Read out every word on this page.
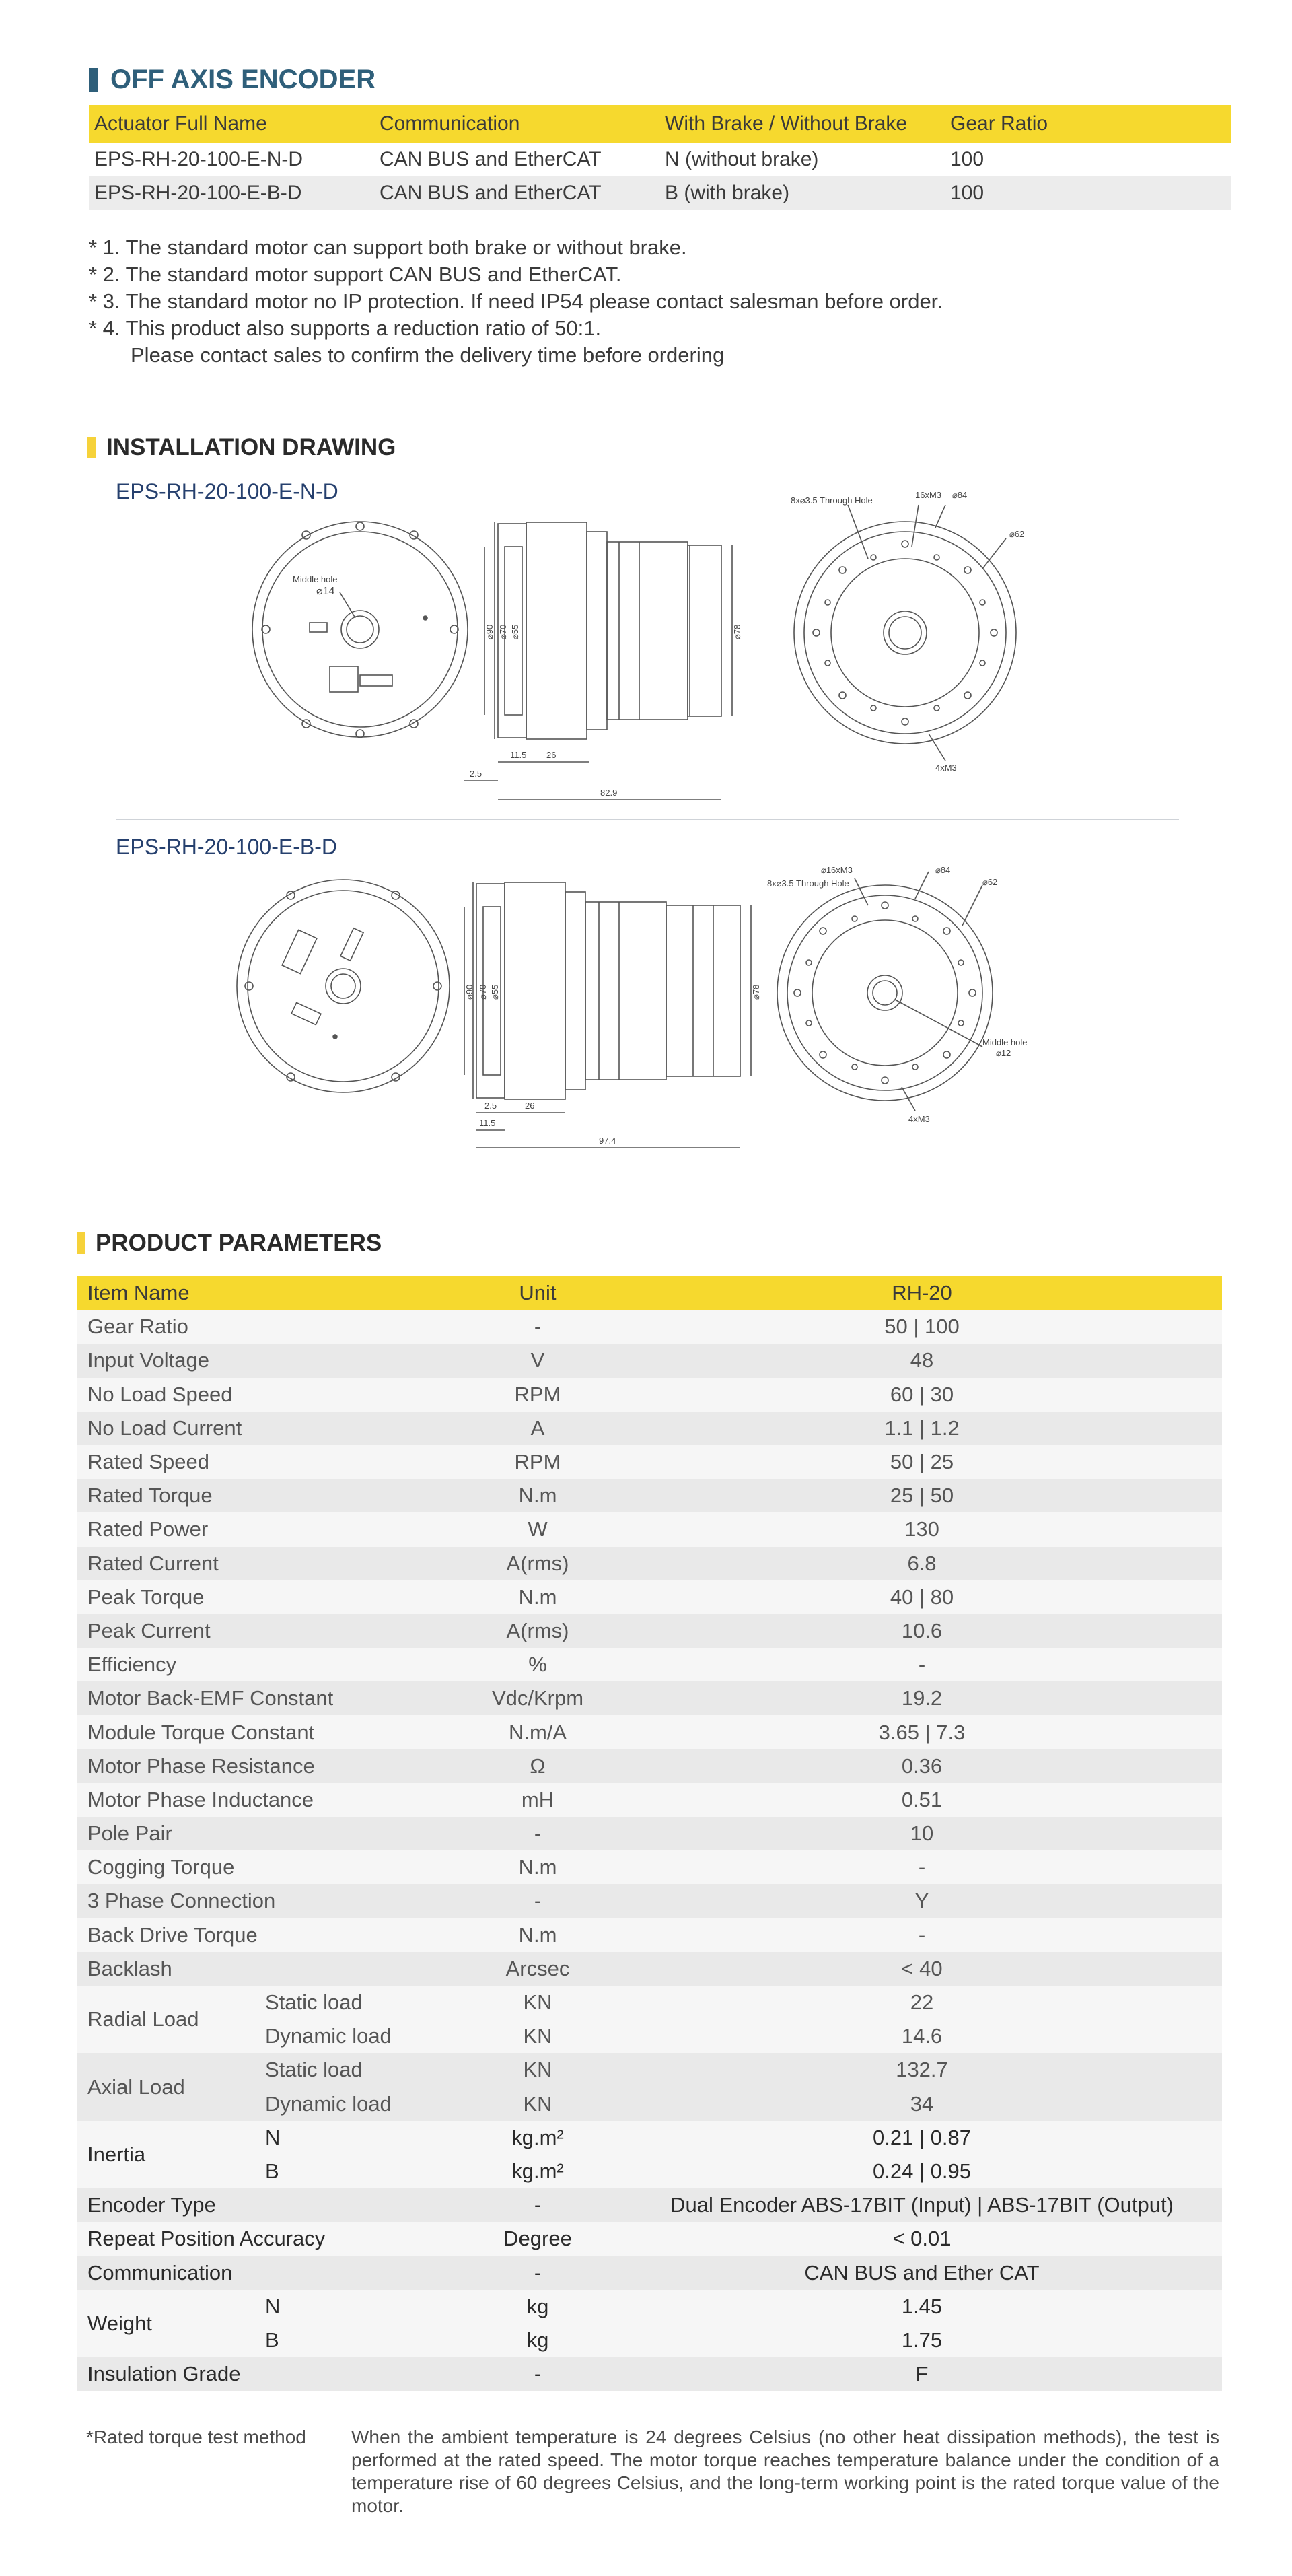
OFF AXIS ENCODER
Actuator Full Name	Communication	With Brake / Without Brake	Gear Ratio
EPS-RH-20-100-E-N-D	CAN BUS and EtherCAT	N (without brake)	100
EPS-RH-20-100-E-B-D	CAN BUS and EtherCAT	B (with brake)	100
* 1. The standard motor can support both brake or without brake.
* 2. The standard motor support CAN BUS and EtherCAT.
* 3. The standard motor no IP protection. If need IP54 please contact salesman before order.
* 4. This product also supports a reduction ratio of 50:1.
Please contact sales to confirm the delivery time before ordering
INSTALLATION DRAWING
EPS-RH-20-100-E-N-D
Middle hole
⌀14
⌀90 ⌀70 ⌀55	⌀78
11.5 26
2.5
82.9
8x⌀3.5 Through Hole
16xM3 ⌀84
⌀62
4xM3
EPS-RH-20-100-E-B-D
⌀90 ⌀70 ⌀55	⌀78
2.5	26
11.5
97.4
⌀16xM3
8x⌀3.5 Through Hole
⌀84
⌀62
Middle hole
⌀12
4xM3
PRODUCT PARAMETERS
Item Name		Unit	RH-20
Gear Ratio		-	50 | 100
Input Voltage		V	48
No Load Speed		RPM	60 | 30
No Load Current		A	1.1 | 1.2
Rated Speed		RPM	50 | 25
Rated Torque		N.m	25 | 50
Rated Power		W	130
Rated Current		A(rms)	6.8
Peak Torque		N.m	40 | 80
Peak Current		A(rms)	10.6
Efficiency		%	-
Motor Back-EMF Constant		Vdc/Krpm	19.2
Module Torque Constant		N.m/A	3.65 | 7.3
Motor Phase Resistance		Ω	0.36
Motor Phase Inductance		mH	0.51
Pole Pair		-	10
Cogging Torque		N.m	-
3 Phase Connection		-	Y
Back Drive Torque		N.m	-
Backlash		Arcsec	< 40
Radial Load	Static load	KN	22
	Dynamic load	KN	14.6
Axial Load	Static load	KN	132.7
	Dynamic load	KN	34
Inertia	N	kg.m²	0.21 | 0.87
	B	kg.m²	0.24 | 0.95
Encoder Type		-	Dual Encoder ABS-17BIT (Input) | ABS-17BIT (Output)
Repeat Position Accuracy		Degree	< 0.01
Communication		-	CAN BUS and Ether CAT
Weight	N	kg	1.45
	B	kg	1.75
Insulation Grade		-	F
*Rated torque test method	When the ambient temperature is 24 degrees Celsius (no other heat dissipation methods), the test is performed at the rated speed. The motor torque reaches temperature balance under the condition of a temperature rise of 60 degrees Celsius, and the long-term working point is the rated torque value of the motor.
